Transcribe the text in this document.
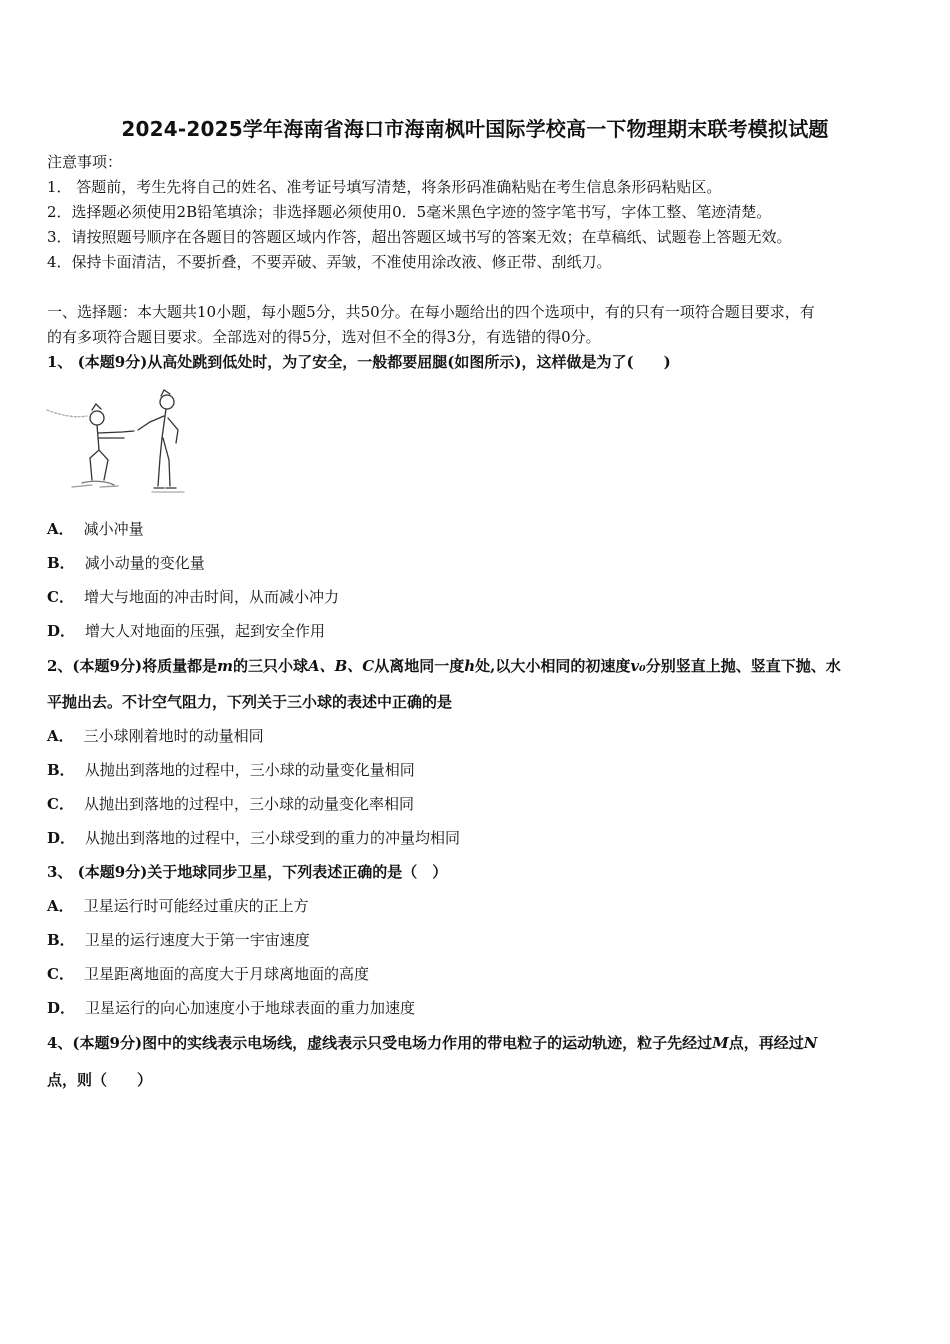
2024-2025学年海南省海口市海南枫叶国际学校高一下物理期末联考模拟试题
注意事项：
1． 答题前，考生先将自己的姓名、准考证号填写清楚，将条形码准确粘贴在考生信息条形码粘贴区。
2．选择题必须使用2B铅笔填涂；非选择题必须使用0．5毫米黑色字迹的签字笔书写，字体工整、笔迹清楚。
3．请按照题号顺序在各题目的答题区域内作答，超出答题区域书写的答案无效；在草稿纸、试题卷上答题无效。
4．保持卡面清洁，不要折叠，不要弄破、弄皱，不准使用涂改液、修正带、刮纸刀。
一、选择题：本大题共10小题，每小题5分，共50分。在每小题给出的四个选项中，有的只有一项符合题目要求，有
的有多项符合题目要求。全部选对的得5分，选对但不全的得3分，有选错的得0分。
1、 (本题9分)从高处跳到低处时，为了安全，一般都要屈腿(如图所示)，这样做是为了(　　)
A． 减小冲量
B． 减小动量的变化量
C． 增大与地面的冲击时间，从而减小冲力
D． 增大人对地面的压强，起到安全作用
2、(本题9分)将质量都是m的三只小球A、B、C从离地同一度h处,以大小相同的初速度v₀分别竖直上抛、竖直下抛、水
平抛出去。不计空气阻力，下列关于三小球的表述中正确的是
A． 三小球刚着地时的动量相同
B． 从抛出到落地的过程中，三小球的动量变化量相同
C． 从抛出到落地的过程中，三小球的动量变化率相同
D． 从抛出到落地的过程中，三小球受到的重力的冲量均相同
3、 (本题9分)关于地球同步卫星，下列表述正确的是（　）
A． 卫星运行时可能经过重庆的正上方
B． 卫星的运行速度大于第一宇宙速度
C． 卫星距离地面的高度大于月球离地面的高度
D． 卫星运行的向心加速度小于地球表面的重力加速度
4、(本题9分)图中的实线表示电场线，虚线表示只受电场力作用的带电粒子的运动轨迹，粒子先经过M点，再经过N
点，则（　　）
